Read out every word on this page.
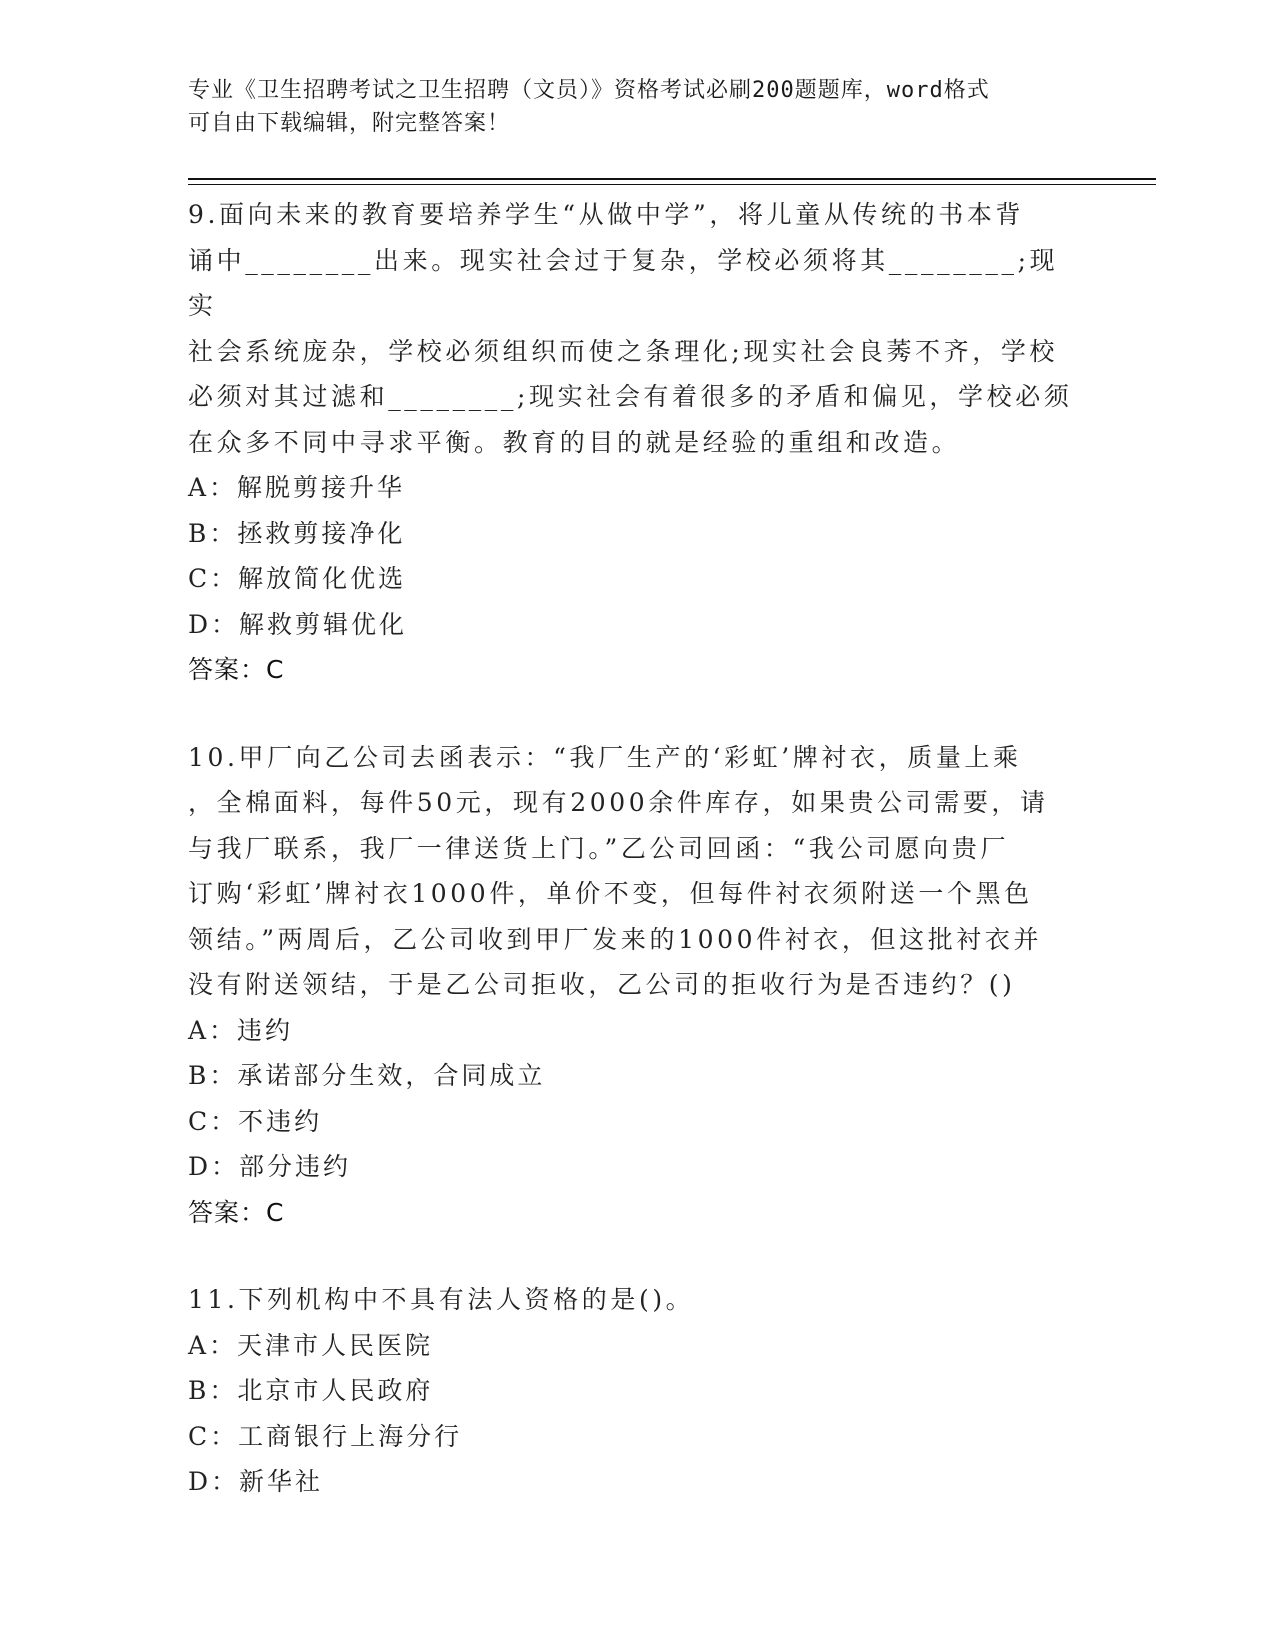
专业《卫生招聘考试之卫生招聘（文员）》资格考试必刷200题题库，word格式
可自由下载编辑，附完整答案！
9.面向未来的教育要培养学生“从做中学”，将儿童从传统的书本背
诵中________出来。现实社会过于复杂，学校必须将其________;现实
社会系统庞杂，学校必须组织而使之条理化;现实社会良莠不齐，学校
必须对其过滤和________;现实社会有着很多的矛盾和偏见，学校必须
在众多不同中寻求平衡。教育的目的就是经验的重组和改造。
A：解脱剪接升华
B：拯救剪接净化
C：解放简化优选
D：解救剪辑优化
答案：C
10.甲厂向乙公司去函表示：“我厂生产的‘彩虹’牌衬衣，质量上乘
，全棉面料，每件50元，现有2000余件库存，如果贵公司需要，请
与我厂联系，我厂一律送货上门。”乙公司回函：“我公司愿向贵厂
订购‘彩虹’牌衬衣1000件，单价不变，但每件衬衣须附送一个黑色
领结。”两周后，乙公司收到甲厂发来的1000件衬衣，但这批衬衣并
没有附送领结，于是乙公司拒收，乙公司的拒收行为是否违约？()
A：违约
B：承诺部分生效，合同成立
C：不违约
D：部分违约
答案：C
11.下列机构中不具有法人资格的是()。
A：天津市人民医院
B：北京市人民政府
C：工商银行上海分行
D：新华社
